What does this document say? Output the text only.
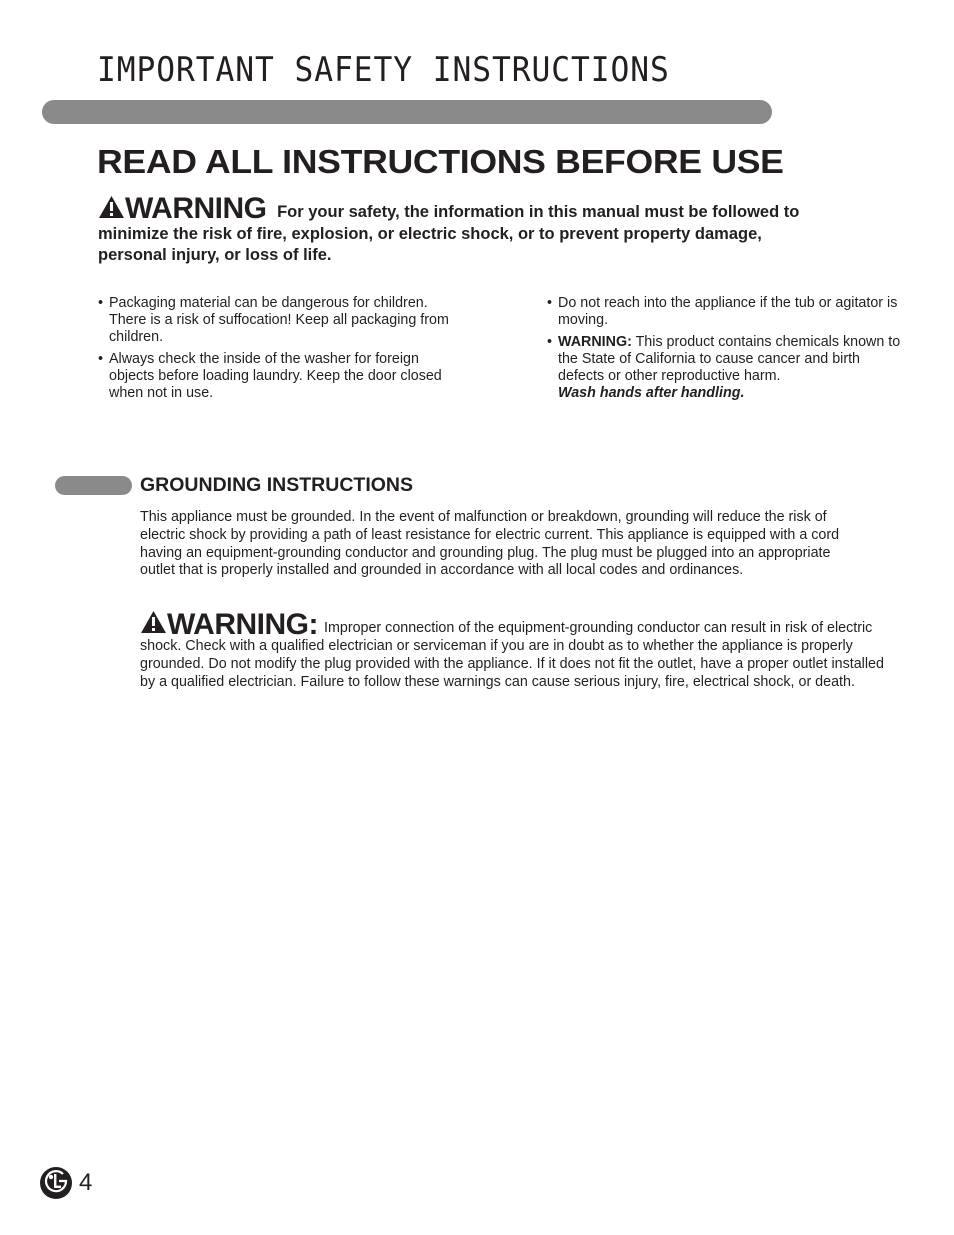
IMPORTANT SAFETY INSTRUCTIONS
READ ALL INSTRUCTIONS BEFORE USE
WARNING For your safety, the information in this manual must be followed to minimize the risk of fire, explosion, or electric shock, or to prevent property damage, personal injury, or loss of life.
• Packaging material can be dangerous for children. There is a risk of suffocation! Keep all packaging from children.
• Always check the inside of the washer for foreign objects before loading laundry. Keep the door closed when not in use.
• Do not reach into the appliance if the tub or agitator is moving.
• WARNING: This product contains chemicals known to the State of California to cause cancer and birth defects or other reproductive harm.
Wash hands after handling.
GROUNDING INSTRUCTIONS
This appliance must be grounded. In the event of malfunction or breakdown, grounding will reduce the risk of electric shock by providing a path of least resistance for electric current. This appliance is equipped with a cord having an equipment-grounding conductor and grounding plug. The plug must be plugged into an appropriate outlet that is properly installed and grounded in accordance with all local codes and ordinances.
WARNING: Improper connection of the equipment-grounding conductor can result in risk of electric shock. Check with a qualified electrician or serviceman if you are in doubt as to whether the appliance is properly grounded. Do not modify the plug provided with the appliance. If it does not fit the outlet, have a proper outlet installed by a qualified electrician. Failure to follow these warnings can cause serious injury, fire, electrical shock, or death.
4
